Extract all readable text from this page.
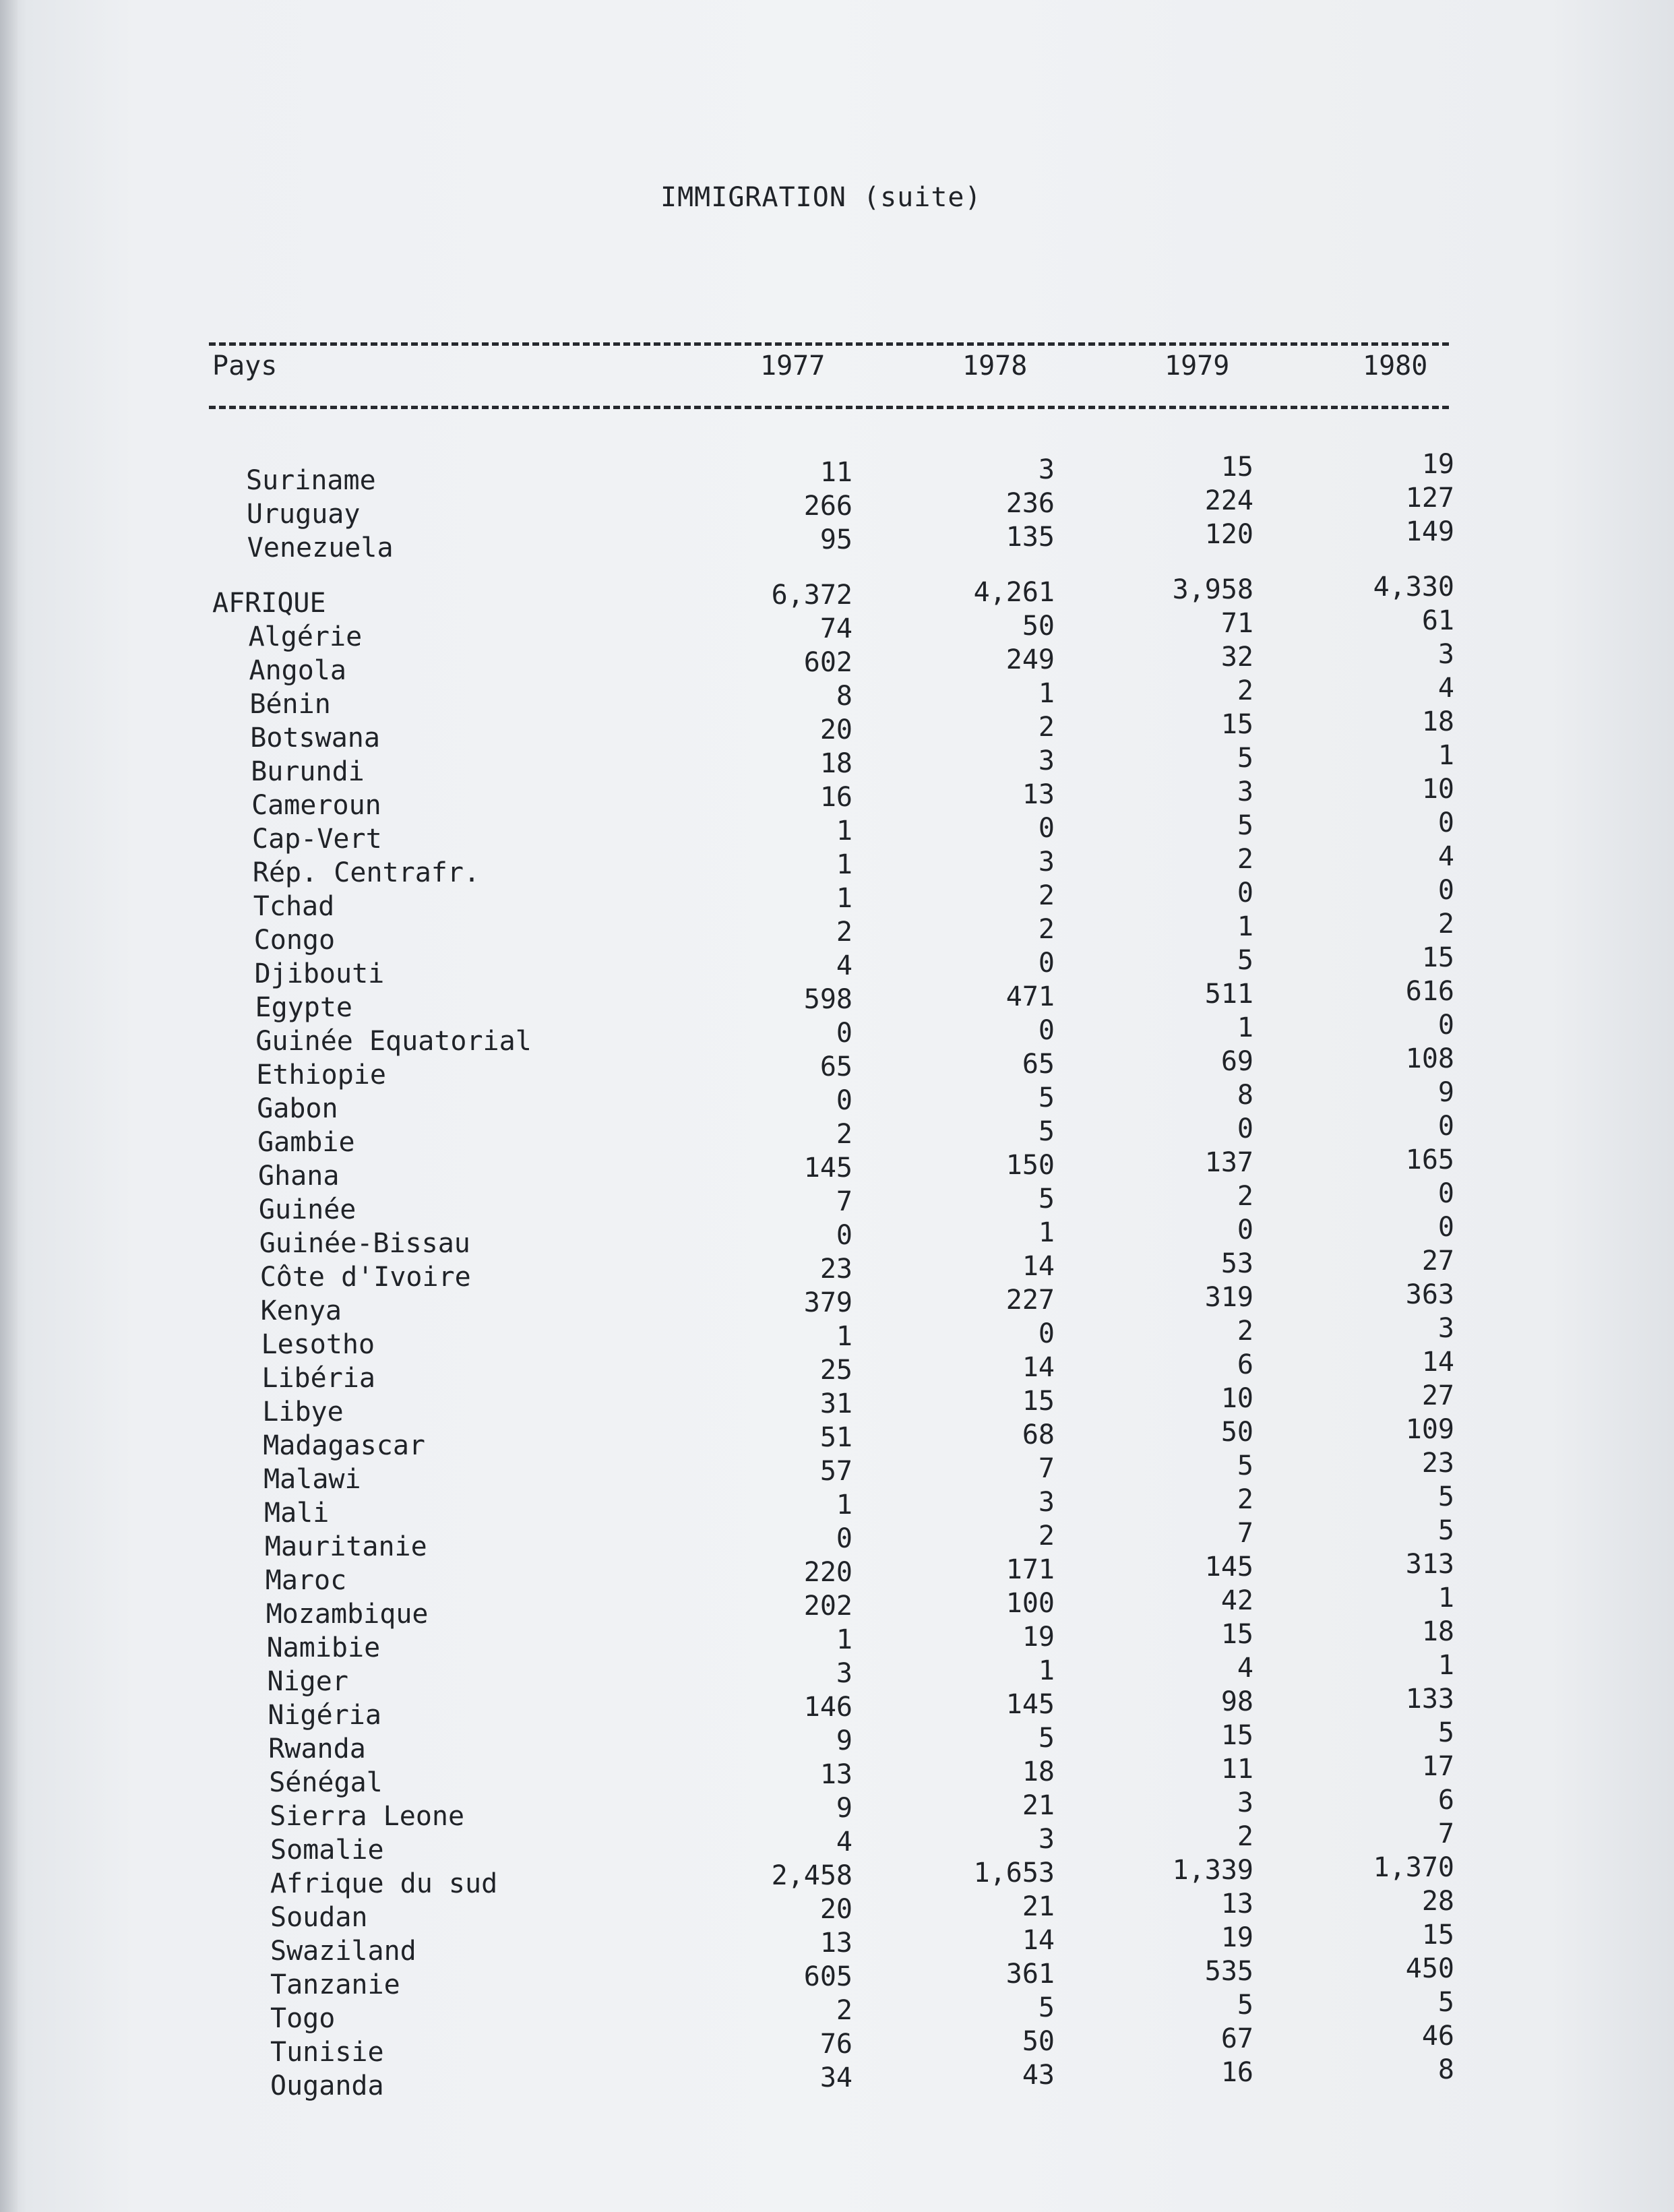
IMMIGRATION (suite)
Pays	1977	1978	1979	1980
Suriname	11	3	15	19
Uruguay	266	236	224	127
Venezuela	95	135	120	149
AFRIQUE	6,372	4,261	3,958	4,330
Algérie	74	50	71	61
Angola	602	249	32	3
Bénin	8	1	2	4
Botswana	20	2	15	18
Burundi	18	3	5	1
Cameroun	16	13	3	10
Cap-Vert	1	0	5	0
Rép. Centrafr.	1	3	2	4
Tchad	1	2	0	0
Congo	2	2	1	2
Djibouti	4	0	5	15
Egypte	598	471	511	616
Guinée Equatorial	0	0	1	0
Ethiopie	65	65	69	108
Gabon	0	5	8	9
Gambie	2	5	0	0
Ghana	145	150	137	165
Guinée	7	5	2	0
Guinée-Bissau	0	1	0	0
Côte d'Ivoire	23	14	53	27
Kenya	379	227	319	363
Lesotho	1	0	2	3
Libéria	25	14	6	14
Libye	31	15	10	27
Madagascar	51	68	50	109
Malawi	57	7	5	23
Mali	1	3	2	5
Mauritanie	0	2	7	5
Maroc	220	171	145	313
Mozambique	202	100	42	1
Namibie	1	19	15	18
Niger	3	1	4	1
Nigéria	146	145	98	133
Rwanda	9	5	15	5
Sénégal	13	18	11	17
Sierra Leone	9	21	3	6
Somalie	4	3	2	7
Afrique du sud	2,458	1,653	1,339	1,370
Soudan	20	21	13	28
Swaziland	13	14	19	15
Tanzanie	605	361	535	450
Togo	2	5	5	5
Tunisie	76	50	67	46
Ouganda	34	43	16	8
